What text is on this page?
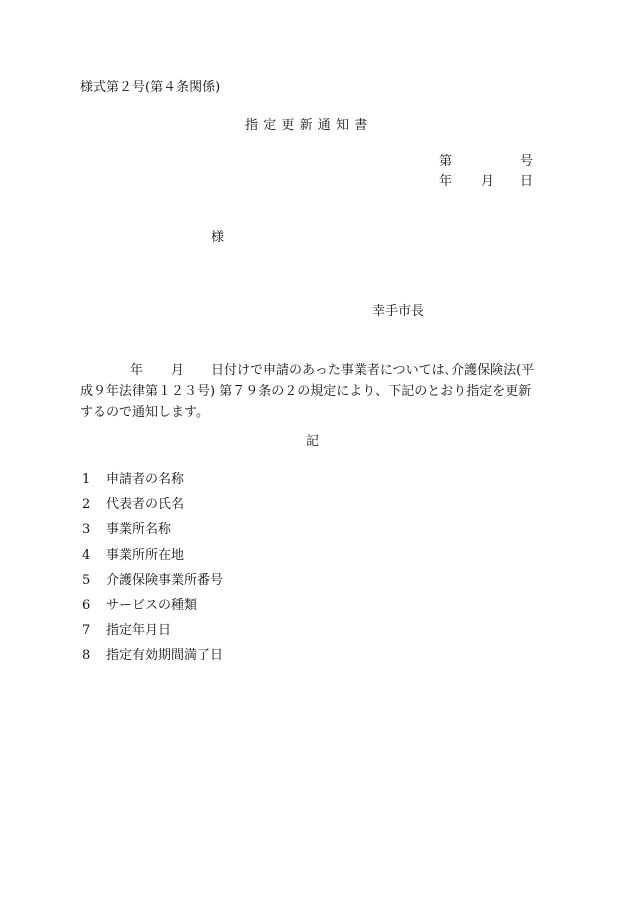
様式第２号(第４条関係)
指定更新通知書
第	号
年 月 日
様
幸手市長
年 月 日付けで申請のあった事業者については､介護保険法(平
成９年法律第１２３号) 第７９条の２の規定により、下記のとおり指定を更新
するので通知します。
記
1	申請者の名称
2	代表者の氏名
3	事業所名称
4	事業所所在地
5	介護保険事業所番号
6	サービスの種類
7	指定年月日
8	指定有効期間満了日
